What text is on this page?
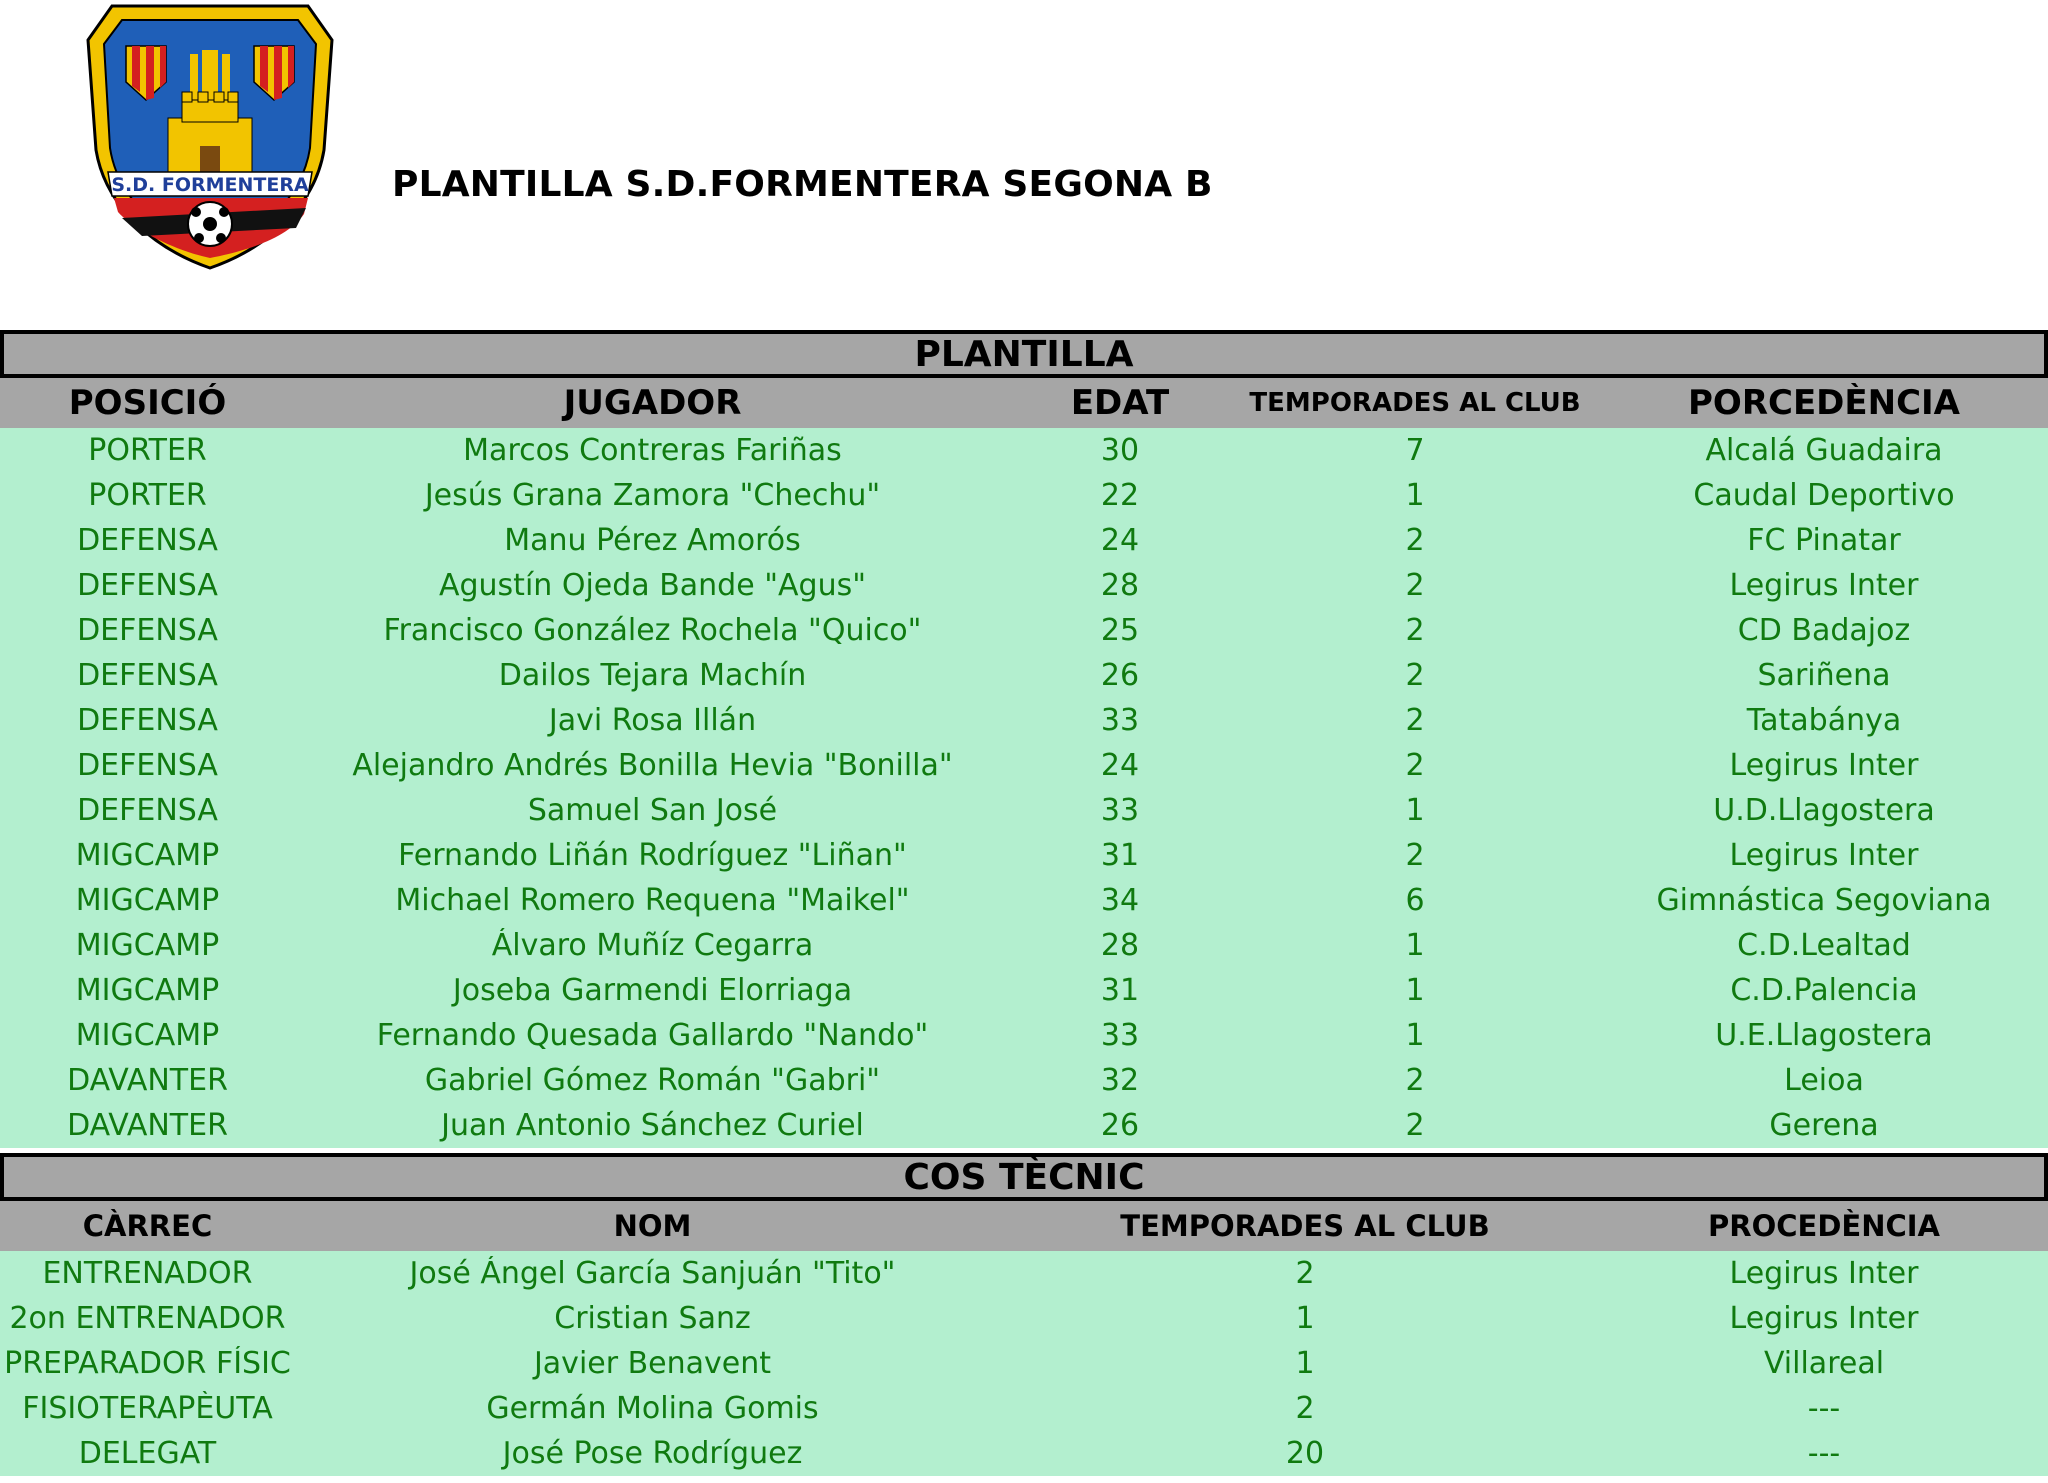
S.D. FORMENTERA PLANTILLA S.D.FORMENTERA SEGONA B
PLANTILLA
POSICIÓ	JUGADOR	EDAT	TEMPORADES AL CLUB	PORCEDÈNCIA
PORTER	Marcos Contreras Fariñas	30	7	Alcalá Guadaira
PORTER	Jesús Grana Zamora "Chechu"	22	1	Caudal Deportivo
DEFENSA	Manu Pérez Amorós	24	2	FC Pinatar
DEFENSA	Agustín Ojeda Bande "Agus"	28	2	Legirus Inter
DEFENSA	Francisco González Rochela "Quico"	25	2	CD Badajoz
DEFENSA	Dailos Tejara Machín	26	2	Sariñena
DEFENSA	Javi Rosa Illán	33	2	Tatabánya
DEFENSA	Alejandro Andrés Bonilla Hevia "Bonilla"	24	2	Legirus Inter
DEFENSA	Samuel San José	33	1	U.D.Llagostera
MIGCAMP	Fernando Liñán Rodríguez "Liñan"	31	2	Legirus Inter
MIGCAMP	Michael Romero Requena "Maikel"	34	6	Gimnástica Segoviana
MIGCAMP	Álvaro Muñíz Cegarra	28	1	C.D.Lealtad
MIGCAMP	Joseba Garmendi Elorriaga	31	1	C.D.Palencia
MIGCAMP	Fernando Quesada Gallardo "Nando"	33	1	U.E.Llagostera
DAVANTER	Gabriel Gómez Román "Gabri"	32	2	Leioa
DAVANTER	Juan Antonio Sánchez Curiel	26	2	Gerena
COS TÈCNIC
CÀRREC	NOM	TEMPORADES AL CLUB	PROCEDÈNCIA
ENTRENADOR	José Ángel García Sanjuán "Tito"	2	Legirus Inter
2on ENTRENADOR	Cristian Sanz	1	Legirus Inter
PREPARADOR FÍSIC	Javier Benavent	1	Villareal
FISIOTERAPÈUTA	Germán Molina Gomis	2	---
DELEGAT	José Pose Rodríguez	20	---
